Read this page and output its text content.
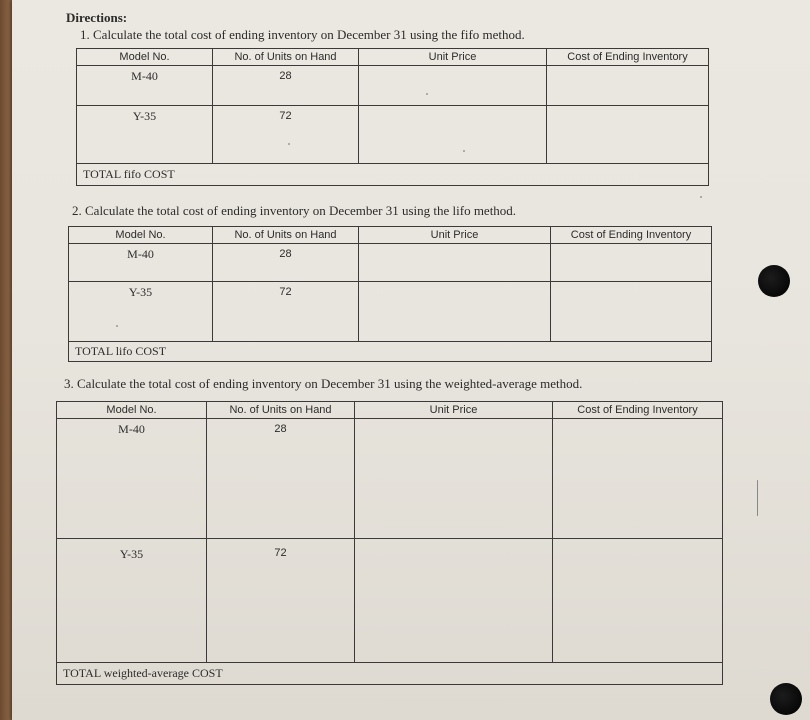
Directions:
1. Calculate the total cost of ending inventory on December 31 using the fifo method.
Model No.	No. of Units on Hand	Unit Price	Cost of Ending Inventory
M-40	28		
Y-35	72		
TOTAL fifo COST			
2. Calculate the total cost of ending inventory on December 31 using the lifo method.
Model No.	No. of Units on Hand	Unit Price	Cost of Ending Inventory
M-40	28		
Y-35	72		
TOTAL lifo COST			
3. Calculate the total cost of ending inventory on December 31 using the weighted-average method.
Model No.	No. of Units on Hand	Unit Price	Cost of Ending Inventory
M-40	28		
Y-35	72		
TOTAL weighted-average COST			
